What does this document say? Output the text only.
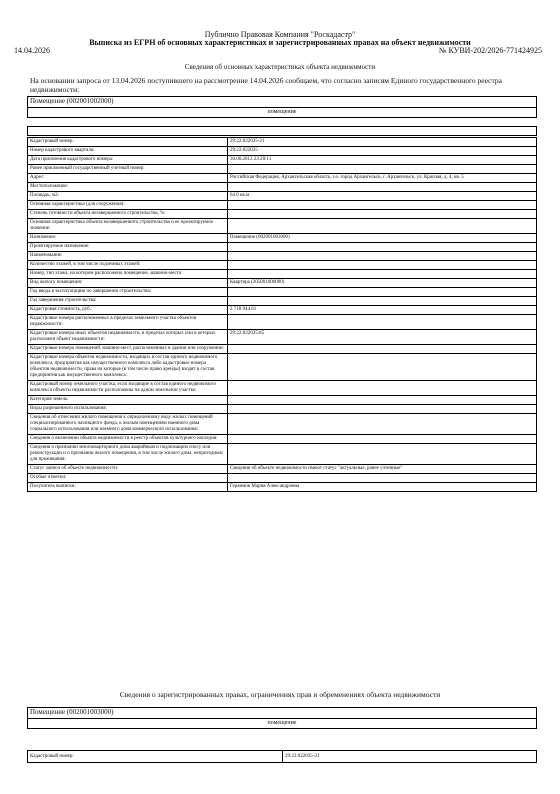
Публично Правовая Компания "Роскадастр"
Выписка из ЕГРН об основных характеристиках и зарегистрированных правах на объект недвижимости
14.04.2026	№ КУВИ-202/2026-771424925
Сведения об основных характеристиках объекта недвижимости
На основании запроса от 13.04.2026 поступившего на рассмотрение 14.04.2026 сообщаем, что согласно записям Единого государственного реестра недвижимости:
Помещение (002001002000)
помещение
Кадастровый номер:	29:22:022035-21
Номер кадастрового квартала:	29:22:022035
Дата присвоения кадастрового номера:	30.06.2012 23:20:11
Ранее присвоенный государственный учетный номер:	
Адрес:	Российская Федерация, Архангельская область, г.о. город Архангельск, г. Архангельск, ул. Красная, д. 4, кв. 5
Местоположение:	
Площадь, м2:	64.0 кв.м
Основная характеристика (для сооружения):	
Степень готовности объекта незавершенного строительства, %:	
Основная характеристика объекта незавершенного строительства и ее проектируемое значение:	
Назначение:	Помещение (002001003000)
Проектируемое назначение:	
Наименование:	
Количество этажей, в том числе подземных этажей:	
Номер, тип этажа, на котором расположено помещение, машино-место:	
Вид жилого помещения:	Квартира (205001000000)
Год ввода в эксплуатацию по завершении строительства:	
Год завершения строительства:	
Кадастровая стоимость, руб.:	2 718 944.61
Кадастровые номера расположенных в пределах земельного участка объектов недвижимости:	
Кадастровые номера иных объектов недвижимости, в пределах которых или в которых расположен объект недвижимости:	29:22:022035:85
Кадастровые номера помещений, машино-мест, расположенных в здании или сооружении:	
Кадастровые номера объектов недвижимости, входящих в состав единого недвижимого комплекса, предприятия как имущественного комплекса либо кадастровые номера объектов недвижимости, права на которые (в том числе право аренды) входят в состав предприятия как имущественного комплекса:	
Кадастровый номер земельного участка, если входящие в состав единого недвижимого комплекса объекты недвижимости расположены на одном земельном участке:	
Категория земель:	
Виды разрешенного использования:	
Сведения об отнесении жилого помещения к определенному виду жилых помещений специализированного жилищного фонда, к жилым помещениям наемного дома социального использования или наемного дома коммерческого использования:	
Сведения о включении объекта недвижимости в реестр объектов культурного наследия:	
Сведения о признании многоквартирного дома аварийным и подлежащим сносу или реконструкции и о признании жилого помещения, в том числе жилого дома, непригодным для проживания:	
Статус записи об объекте недвижимости:	Сведения об объекте недвижимости имеют статус "актуальные, ранее учтенные"
Особые отметки:	
Получатель выписки:	Гераимов Мария Александровна
Сведения о зарегистрированных правах, ограничениях прав и обременениях объекта недвижимости
Помещение (002001003000)
помещение
Кадастровый номер:	29:22:022035-21
